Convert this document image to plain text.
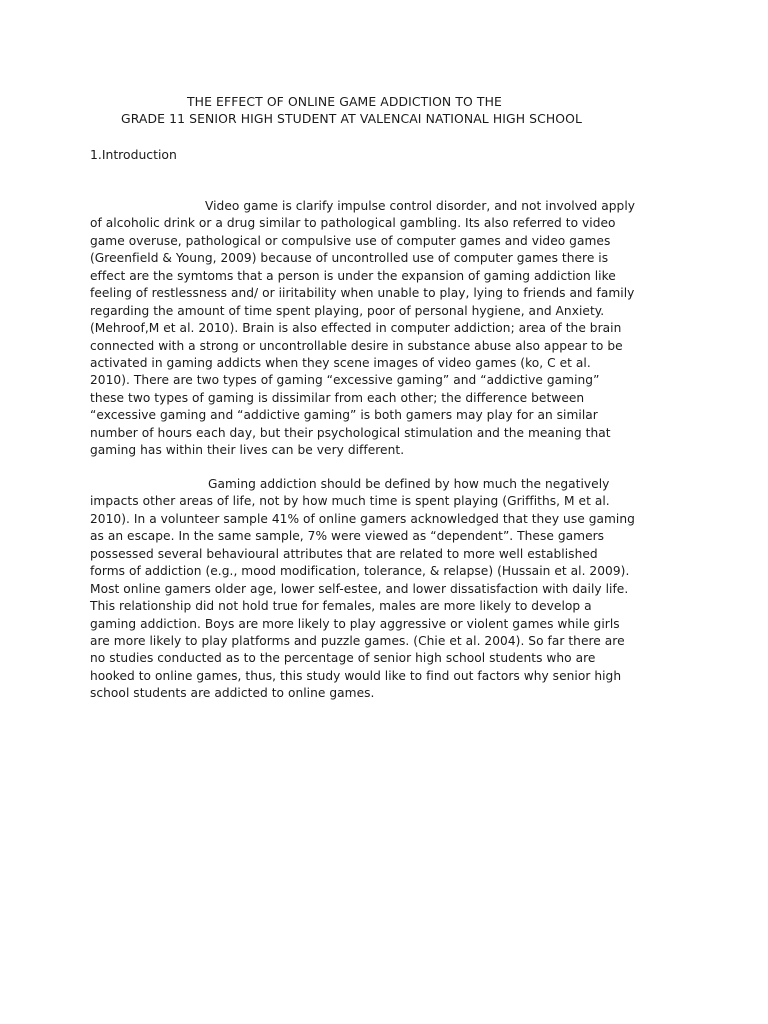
THE EFFECT OF ONLINE GAME ADDICTION TO THE
GRADE 11 SENIOR HIGH STUDENT AT VALENCAI NATIONAL HIGH SCHOOL
1.Introduction
Video game is clarify impulse control disorder, and not involved apply
of alcoholic drink or a drug similar to pathological gambling. Its also referred to video
game overuse, pathological or compulsive use of computer games and video games
(Greenfield & Young, 2009) because of uncontrolled use of computer games there is
effect are the symtoms that a person is under the expansion of gaming addiction like
feeling of restlessness and/ or iiritability when unable to play, lying to friends and family
regarding the amount of time spent playing, poor of personal hygiene, and Anxiety.
(Mehroof,M et al. 2010). Brain is also effected in computer addiction; area of the brain
connected with a strong or uncontrollable desire in substance abuse also appear to be
activated in gaming addicts when they scene images of video games (ko, C et al.
2010). There are two types of gaming “excessive gaming” and “addictive gaming”
these two types of gaming is dissimilar from each other; the difference between
“excessive gaming and “addictive gaming” is both gamers may play for an similar
number of hours each day, but their psychological stimulation and the meaning that
gaming has within their lives can be very different.
Gaming addiction should be defined by how much the negatively
impacts other areas of life, not by how much time is spent playing (Griffiths, M et al.
2010). In a volunteer sample 41% of online gamers acknowledged that they use gaming
as an escape. In the same sample, 7% were viewed as “dependent”. These gamers
possessed several behavioural attributes that are related to more well established
forms of addiction (e.g., mood modification, tolerance, & relapse) (Hussain et al. 2009).
Most online gamers older age, lower self-estee, and lower dissatisfaction with daily life.
This relationship did not hold true for females, males are more likely to develop a
gaming addiction. Boys are more likely to play aggressive or violent games while girls
are more likely to play platforms and puzzle games. (Chie et al. 2004). So far there are
no studies conducted as to the percentage of senior high school students who are
hooked to online games, thus, this study would like to find out factors why senior high
school students are addicted to online games.
